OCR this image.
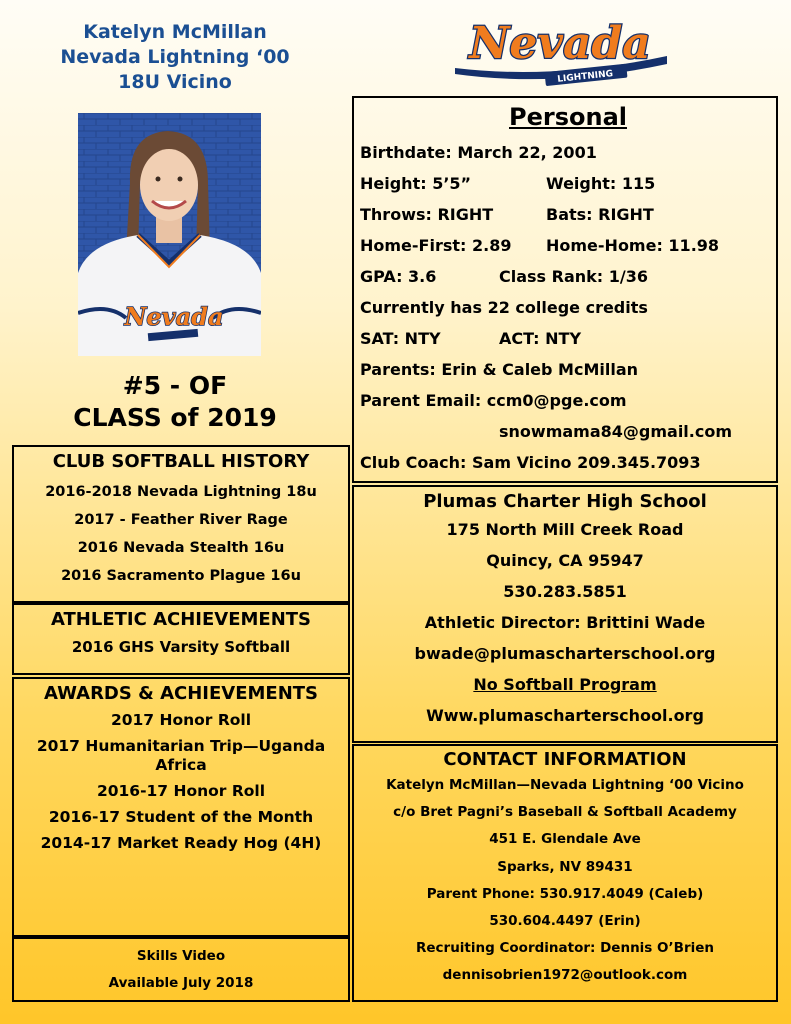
Katelyn McMillan
Nevada Lightning ‘00
18U Vicino
Nevada
LIGHTNING
Nevada
#5 - OF
CLASS of 2019
Personal
Birthdate: March 22, 2001
Height: 5’5”	Weight: 115
Throws: RIGHT	Bats: RIGHT
Home-First: 2.89 Home-Home: 11.98
GPA: 3.6	Class Rank: 1/36
Currently has 22 college credits
SAT: NTY	ACT: NTY
Parents: Erin & Caleb McMillan
Parent Email: ccm0@pge.com
snowmama84@gmail.com
Club Coach: Sam Vicino 209.345.7093
Plumas Charter High School
175 North Mill Creek Road
Quincy, CA 95947
530.283.5851
Athletic Director: Brittini Wade
bwade@plumascharterschool.org
No Softball Program
Www.plumascharterschool.org
CONTACT INFORMATION
Katelyn McMillan—Nevada Lightning ‘00 Vicino
c/o Bret Pagni’s Baseball & Softball Academy
451 E. Glendale Ave
Sparks, NV 89431
Parent Phone: 530.917.4049 (Caleb)
530.604.4497 (Erin)
Recruiting Coordinator: Dennis O’Brien
dennisobrien1972@outlook.com
CLUB SOFTBALL HISTORY
2016-2018 Nevada Lightning 18u
2017 - Feather River Rage
2016 Nevada Stealth 16u
2016 Sacramento Plague 16u
ATHLETIC ACHIEVEMENTS
2016 GHS Varsity Softball
AWARDS & ACHIEVEMENTS
2017 Honor Roll
2017 Humanitarian Trip—Uganda Africa
2016-17 Honor Roll
2016-17 Student of the Month
2014-17 Market Ready Hog (4H)
Skills Video
Available July 2018
